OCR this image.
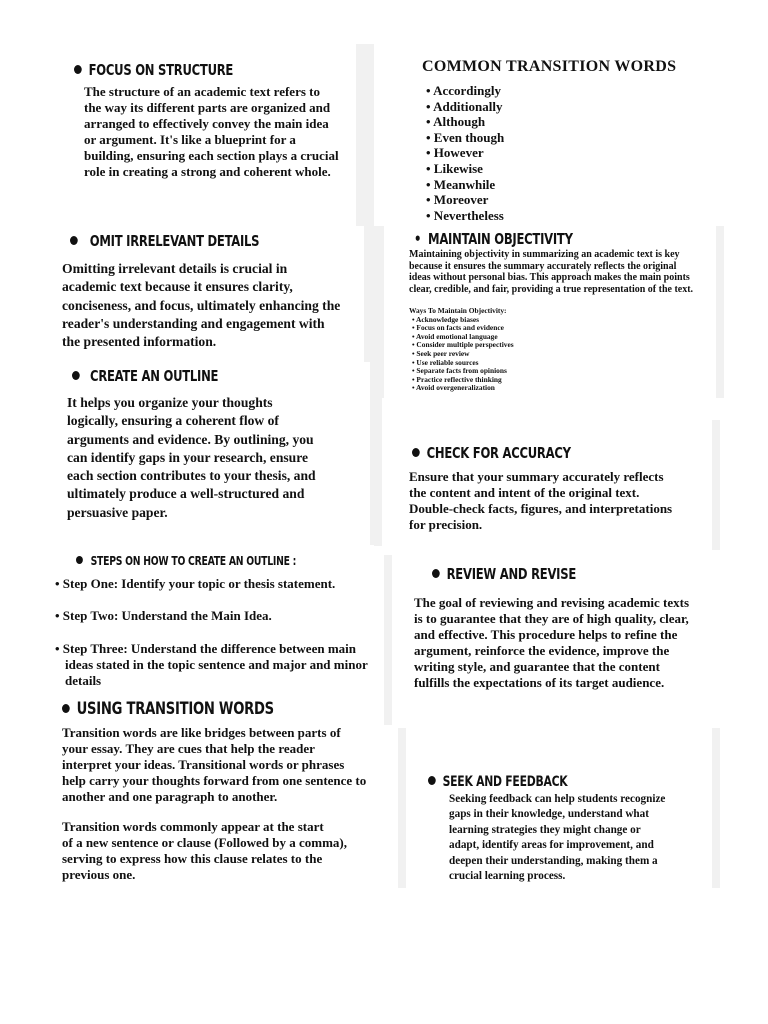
FOCUS ON STRUCTURE

The structure of an academic text refers to

the way its different parts are organized and

arranged to effectively convey the main idea

or argument. It's like a blueprint for a

building, ensuring each section plays a crucial

role in creating a strong and coherent whole.

COMMON TRANSITION WORDS
• Accordingly
• Additionally
• Although
• Even though
• However
• Likewise
• Meanwhile
• Moreover
• Nevertheless
OMIT IRRELEVANT DETAILS

Omitting irrelevant details is crucial in

academic text because it ensures clarity,

conciseness, and focus, ultimately enhancing the

reader's understanding and engagement with

the presented information.

• MAINTAIN OBJECTIVITY

Maintaining objectivity in summarizing an academic text is key

because it ensures the summary accurately reflects the original

ideas without personal bias. This approach makes the main points

clear, credible, and fair, providing a true representation of the text.

Ways To Maintain Objectivity:
• Acknowledge biases
• Focus on facts and evidence
• Avoid emotional language
• Consider multiple perspectives
• Seek peer review
• Use reliable sources
• Separate facts from opinions
• Practice reflective thinking
• Avoid overgeneralization
CREATE AN OUTLINE

It helps you organize your thoughts

logically, ensuring a coherent flow of

arguments and evidence. By outlining, you

can identify gaps in your research, ensure

each section contributes to your thesis, and

ultimately produce a well-structured and

persuasive paper.

CHECK FOR ACCURACY

Ensure that your summary accurately reflects

the content and intent of the original text.

Double-check facts, figures, and interpretations

for precision.

STEPS ON HOW TO CREATE AN OUTLINE :

• Step One: Identify your topic or thesis statement.

• Step Two: Understand the Main Idea.

• Step Three: Understand the difference between main

ideas stated in the topic sentence and major and minor

details

REVIEW AND REVISE

The goal of reviewing and revising academic texts

is to guarantee that they are of high quality, clear,

and effective. This procedure helps to refine the

argument, reinforce the evidence, improve the

writing style, and guarantee that the content

fulfills the expectations of its target audience.

USING TRANSITION WORDS

Transition words are like bridges between parts of

your essay. They are cues that help the reader

interpret your ideas. Transitional words or phrases

help carry your thoughts forward from one sentence to

another and one paragraph to another.

Transition words commonly appear at the start

of a new sentence or clause (Followed by a comma),

serving to express how this clause relates to the

previous one.

SEEK AND FEEDBACK

Seeking feedback can help students recognize

gaps in their knowledge, understand what

learning strategies they might change or

adapt, identify areas for improvement, and

deepen their understanding, making them a

crucial learning process.
